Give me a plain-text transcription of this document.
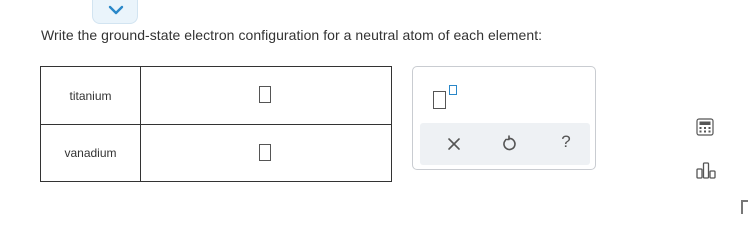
Write the ground-state electron configuration for a neutral atom of each element:
titanium
vanadium
?
